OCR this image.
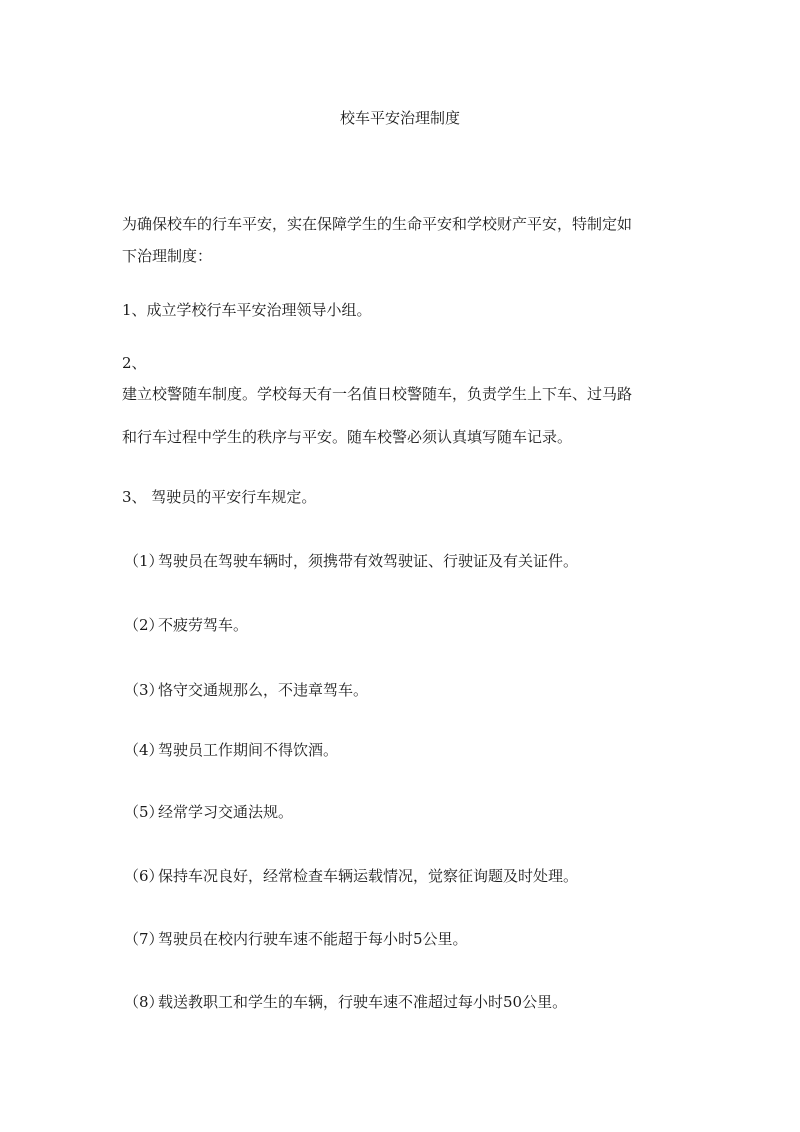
校车平安治理制度
为确保校车的行车平安，实在保障学生的生命平安和学校财产平安，特制定如
下治理制度：
1、成立学校行车平安治理领导小组。
2、
建立校警随车制度。学校每天有一名值日校警随车，负责学生上下车、过马路
和行车过程中学生的秩序与平安。随车校警必须认真填写随车记录。
3、 驾驶员的平安行车规定。
（1）驾驶员在驾驶车辆时，须携带有效驾驶证、行驶证及有关证件。
（2）不疲劳驾车。
（3）恪守交通规那么，不违章驾车。
（4）驾驶员工作期间不得饮酒。
（5）经常学习交通法规。
（6）保持车况良好，经常检查车辆运载情况，觉察征询题及时处理。
（7）驾驶员在校内行驶车速不能超于每小时5公里。
（8）载送教职工和学生的车辆，行驶车速不准超过每小时50公里。
